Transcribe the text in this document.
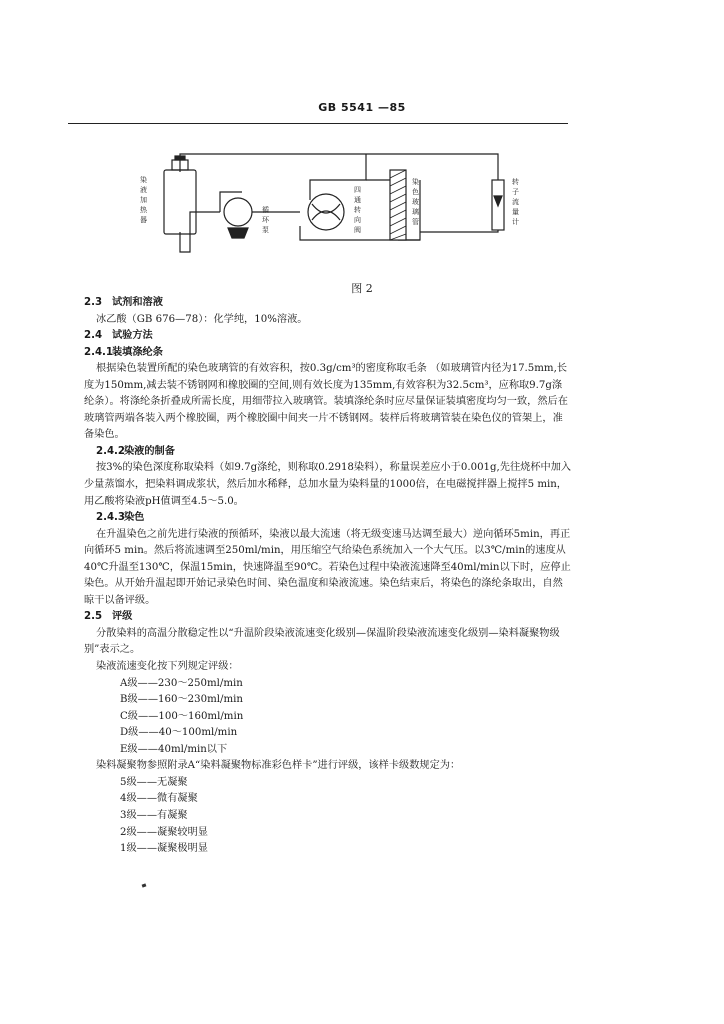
GB 5541 —85
染
液
加
热
器
循
环
泵
四
通
转
向
阀
染
色
玻
璃
管
转
子
流
量
计
图 2

2.3 试剂和溶液

冰乙酸（GB 676—78）：化学纯，10%溶液。

2.4 试验方法

2.4.1装填涤纶条

根据染色装置所配的染色玻璃管的有效容积，按0.3g/cm³的密度称取毛条 （如玻璃管内径为17.5mm,长度为150mm,减去装不锈钢网和橡胶圈的空间,则有效长度为135mm,有效容积为32.5cm³，应称取9.7g涤纶条）。将涤纶条折叠成所需长度，用细带拉入玻璃管。装填涤纶条时应尽量保证装填密度均匀一致，然后在玻璃管两端各装入两个橡胶圈，两个橡胶圈中间夹一片不锈钢网。装样后将玻璃管装在染色仪的管架上，准备染色。

2.4.2染液的制备

按3%的染色深度称取染料（如9.7g涤纶，则称取0.2918染料），称量误差应小于0.001g,先往烧杯中加入少量蒸馏水，把染料调成浆状，然后加水稀释，总加水量为染料量的1000倍，在电磁搅拌器上搅拌5 min，用乙酸将染液pH值调至4.5～5.0。

2.4.3染色

在升温染色之前先进行染液的预循环，染液以最大流速（将无级变速马达调至最大）逆向循环5min，再正向循环5 min。然后将流速调至250ml/min，用压缩空气给染色系统加入一个大气压。以3℃/min的速度从40℃升温至130℃，保温15min，快速降温至90℃。若染色过程中染液流速降至40ml/min以下时，应停止染色。从开始升温起即开始记录染色时间、染色温度和染液流速。染色结束后，将染色的涤纶条取出，自然晾干以备评级。

2.5 评级

分散染料的高温分散稳定性以“升温阶段染液流速变化级别—保温阶段染液流速变化级别—染料凝聚物级别”表示之。

染液流速变化按下列规定评级：

A级——230～250ml/min

B级——160～230ml/min

C级——100～160ml/min

D级——40～100ml/min

E级——40ml/min以下

染料凝聚物参照附录A“染料凝聚物标准彩色样卡”进行评级，该样卡级数规定为：

5级——无凝聚

4级——微有凝聚

3级——有凝聚

2级——凝聚较明显

1级——凝聚极明显
